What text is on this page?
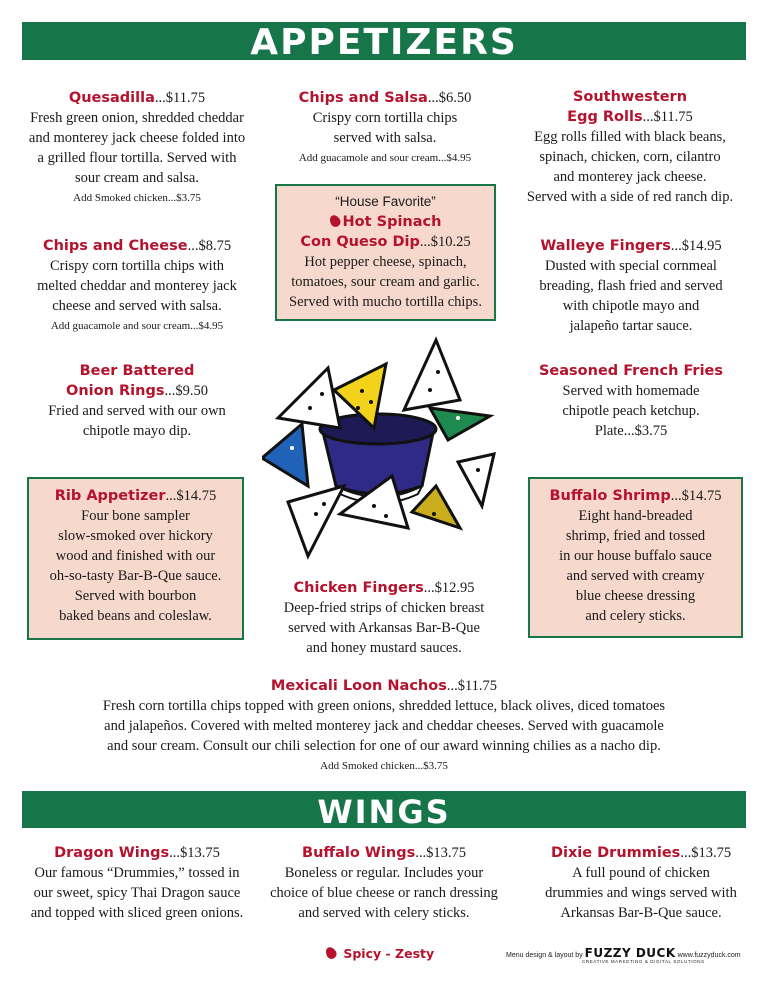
APPETIZERS
Quesadilla...$11.75
Fresh green onion, shredded cheddar
and monterey jack cheese folded into
a grilled flour tortilla. Served with
sour cream and salsa.
Add Smoked chicken...$3.75
Chips and Salsa...$6.50
Crispy corn tortilla chips
served with salsa.
Add guacamole and sour cream...$4.95
Southwestern
Egg Rolls...$11.75
Egg rolls filled with black beans,
spinach, chicken, corn, cilantro
and monterey jack cheese.
Served with a side of red ranch dip.
“House Favorite”
Hot Spinach
Con Queso Dip...$10.25
Hot pepper cheese, spinach,
tomatoes, sour cream and garlic.
Served with mucho tortilla chips.
Chips and Cheese...$8.75
Crispy corn tortilla chips with
melted cheddar and monterey jack
cheese and served with salsa.
Add guacamole and sour cream...$4.95
Walleye Fingers...$14.95
Dusted with special cornmeal
breading, flash fried and served
with chipotle mayo and
jalapeño tartar sauce.
Beer Battered
Onion Rings...$9.50
Fried and served with our own
chipotle mayo dip.
Seasoned French Fries
Served with homemade
chipotle peach ketchup.
Plate...$3.75
Rib Appetizer...$14.75
Four bone sampler
slow-smoked over hickory
wood and finished with our
oh-so-tasty Bar-B-Que sauce.
Served with bourbon
baked beans and coleslaw.
Buffalo Shrimp...$14.75
Eight hand-breaded
shrimp, fried and tossed
in our house buffalo sauce
and served with creamy
blue cheese dressing
and celery sticks.
Chicken Fingers...$12.95
Deep-fried strips of chicken breast
served with Arkansas Bar-B-Que
and honey mustard sauces.
Mexicali Loon Nachos...$11.75
Fresh corn tortilla chips topped with green onions, shredded lettuce, black olives, diced tomatoes
and jalapeños. Covered with melted monterey jack and cheddar cheeses. Served with guacamole
and sour cream. Consult our chili selection for one of our award winning chilies as a nacho dip.
Add Smoked chicken...$3.75
WINGS
Dragon Wings...$13.75
Our famous “Drummies,” tossed in
our sweet, spicy Thai Dragon sauce
and topped with sliced green onions.
Buffalo Wings...$13.75
Boneless or regular. Includes your
choice of blue cheese or ranch dressing
and served with celery sticks.
Dixie Drummies...$13.75
A full pound of chicken
drummies and wings served with
Arkansas Bar-B-Que sauce.
Spicy - Zesty	Menu design & layout by FUZZY DUCK www.fuzzyduck.com
CREATIVE MARKETING & DIGITAL SOLUTIONS
